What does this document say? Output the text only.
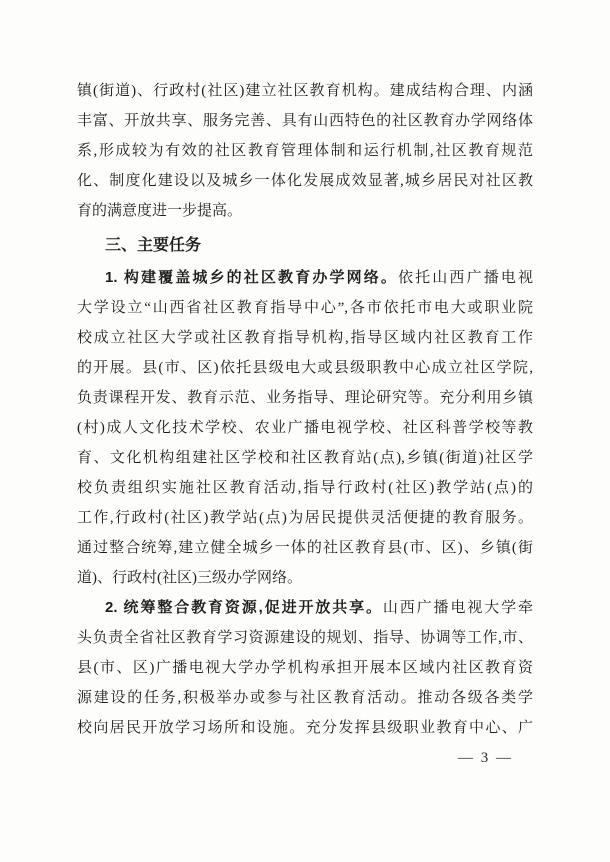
镇(街道)、行政村(社区)建立社区教育机构。建成结构合理、内涵
丰富、开放共享、服务完善、具有山西特色的社区教育办学网络体
系,形成较为有效的社区教育管理体制和运行机制,社区教育规范
化、制度化建设以及城乡一体化发展成效显著,城乡居民对社区教
育的满意度进一步提高。
三、主要任务
1. 构建覆盖城乡的社区教育办学网络。依托山西广播电视
大学设立“山西省社区教育指导中心”,各市依托市电大或职业院
校成立社区大学或社区教育指导机构,指导区域内社区教育工作
的开展。县(市、区)依托县级电大或县级职教中心成立社区学院,
负责课程开发、教育示范、业务指导、理论研究等。充分利用乡镇
(村)成人文化技术学校、农业广播电视学校、社区科普学校等教
育、文化机构组建社区学校和社区教育站(点),乡镇(街道)社区学
校负责组织实施社区教育活动,指导行政村(社区)教学站(点)的
工作,行政村(社区)教学站(点)为居民提供灵活便捷的教育服务。
通过整合统筹,建立健全城乡一体的社区教育县(市、区)、乡镇(街
道)、行政村(社区)三级办学网络。
2. 统筹整合教育资源,促进开放共享。山西广播电视大学牵
头负责全省社区教育学习资源建设的规划、指导、协调等工作,市、
县(市、区)广播电视大学办学机构承担开展本区域内社区教育资
源建设的任务,积极举办或参与社区教育活动。推动各级各类学
校向居民开放学习场所和设施。充分发挥县级职业教育中心、广
— 3 —
